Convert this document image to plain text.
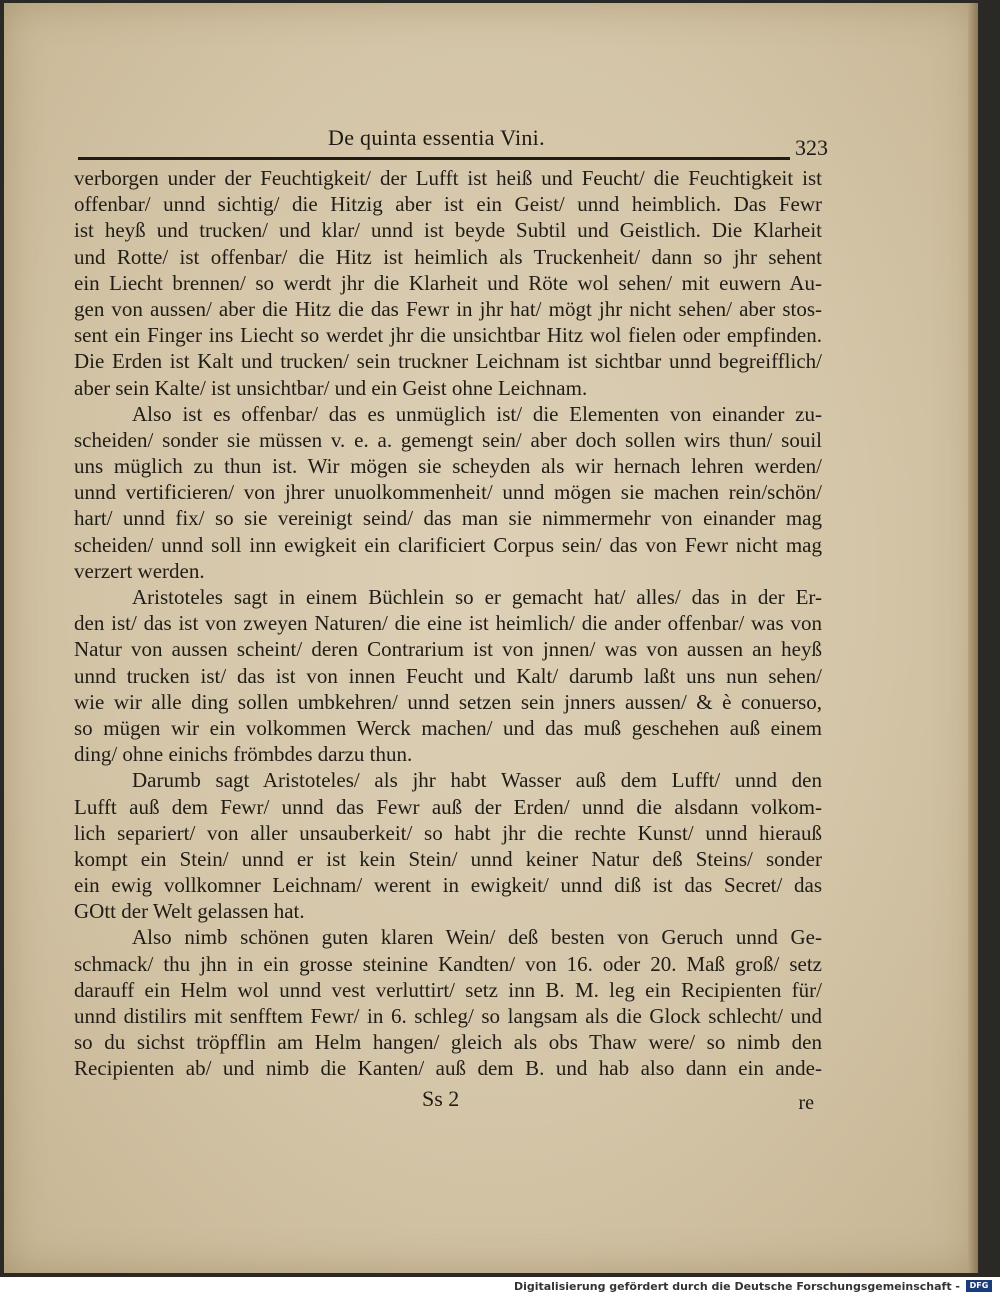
De quinta essentia Vini.	323
verborgen under der Feuchtigkeit/ der Lufft ist heiß und Feucht/ die Feuchtigkeit ist
offenbar/ unnd sichtig/ die Hitzig aber ist ein Geist/ unnd heimblich. Das Fewr
ist heyß und trucken/ und klar/ unnd ist beyde Subtil und Geistlich. Die Klarheit
und Rotte/ ist offenbar/ die Hitz ist heimlich als Truckenheit/ dann so jhr sehent
ein Liecht brennen/ so werdt jhr die Klarheit und Röte wol sehen/ mit euwern Au-
gen von aussen/ aber die Hitz die das Fewr in jhr hat/ mögt jhr nicht sehen/ aber stos-
sent ein Finger ins Liecht so werdet jhr die unsichtbar Hitz wol fielen oder empfinden.
Die Erden ist Kalt und trucken/ sein truckner Leichnam ist sichtbar unnd begreifflich/
aber sein Kalte/ ist unsichtbar/ und ein Geist ohne Leichnam.
Also ist es offenbar/ das es unmüglich ist/ die Elementen von einander zu-
scheiden/ sonder sie müssen v. e. a. gemengt sein/ aber doch sollen wirs thun/ souil
uns müglich zu thun ist. Wir mögen sie scheyden als wir hernach lehren werden/
unnd vertificieren/ von jhrer unuolkommenheit/ unnd mögen sie machen rein/schön/
hart/ unnd fix/ so sie vereinigt seind/ das man sie nimmermehr von einander mag
scheiden/ unnd soll inn ewigkeit ein clarificiert Corpus sein/ das von Fewr nicht mag
verzert werden.
Aristoteles sagt in einem Büchlein so er gemacht hat/ alles/ das in der Er-
den ist/ das ist von zweyen Naturen/ die eine ist heimlich/ die ander offenbar/ was von
Natur von aussen scheint/ deren Contrarium ist von jnnen/ was von aussen an heyß
unnd trucken ist/ das ist von innen Feucht und Kalt/ darumb laßt uns nun sehen/
wie wir alle ding sollen umbkehren/ unnd setzen sein jnners aussen/ & è conuerso,
so mügen wir ein volkommen Werck machen/ und das muß geschehen auß einem
ding/ ohne einichs frömbdes darzu thun.
Darumb sagt Aristoteles/ als jhr habt Wasser auß dem Lufft/ unnd den
Lufft auß dem Fewr/ unnd das Fewr auß der Erden/ unnd die alsdann volkom-
lich separiert/ von aller unsauberkeit/ so habt jhr die rechte Kunst/ unnd hierauß
kompt ein Stein/ unnd er ist kein Stein/ unnd keiner Natur deß Steins/ sonder
ein ewig vollkomner Leichnam/ werent in ewigkeit/ unnd diß ist das Secret/ das
GOtt der Welt gelassen hat.
Also nimb schönen guten klaren Wein/ deß besten von Geruch unnd Ge-
schmack/ thu jhn in ein grosse steinine Kandten/ von 16. oder 20. Maß groß/ setz
darauff ein Helm wol unnd vest verluttirt/ setz inn B. M. leg ein Recipienten für/
unnd distilirs mit senfftem Fewr/ in 6. schleg/ so langsam als die Glock schlecht/ und
so du sichst tröpfflin am Helm hangen/ gleich als obs Thaw were/ so nimb den
Recipienten ab/ und nimb die Kanten/ auß dem B. und hab also dann ein ande-
Ss 2	re
Digitalisierung gefördert durch die Deutsche Forschungsgemeinschaft -	DFG
